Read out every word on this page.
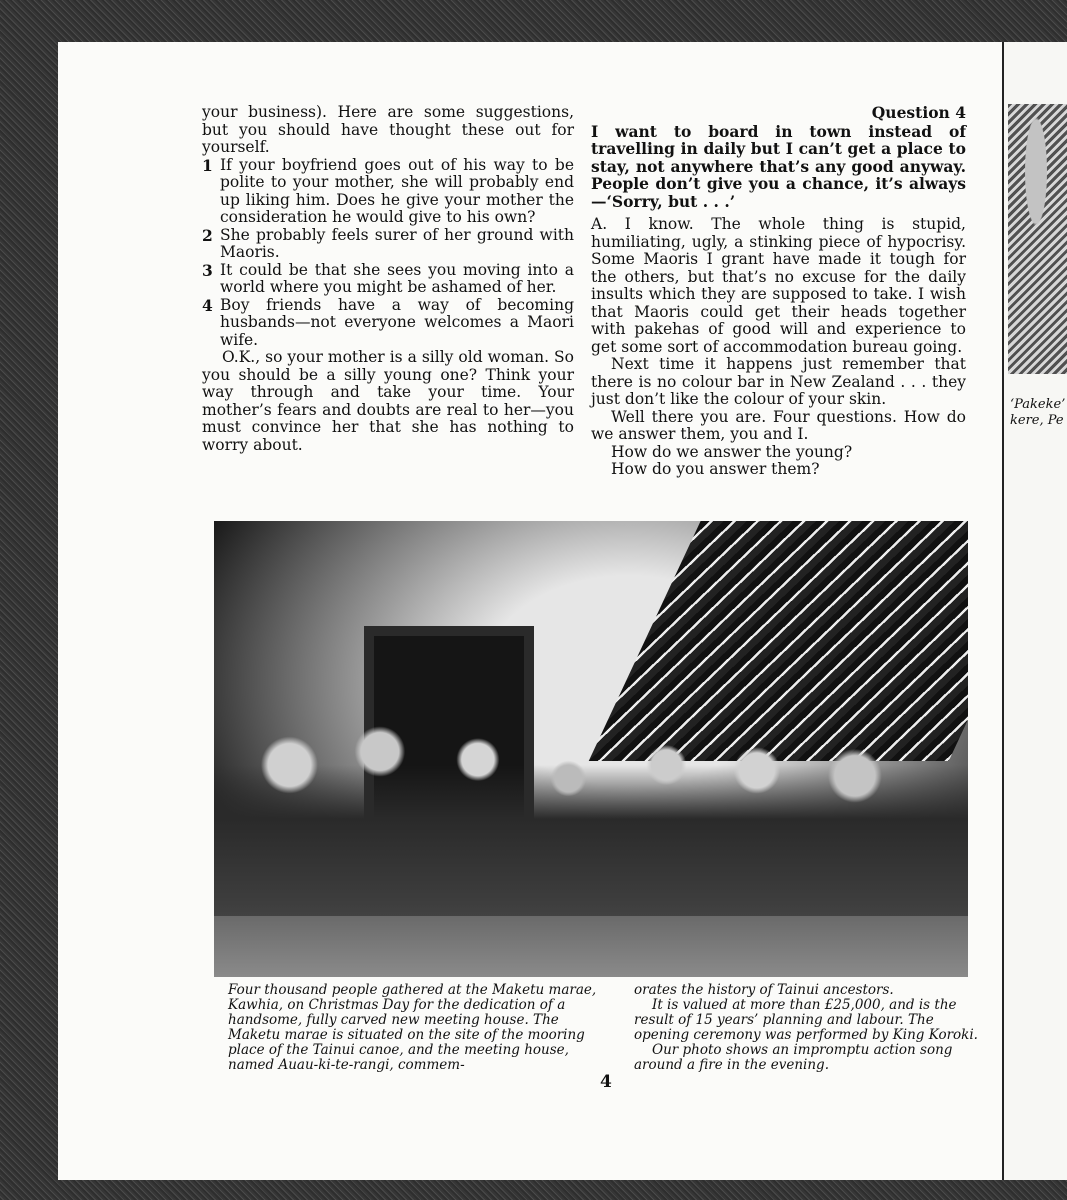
‘Pakeke’
kere, Pe

your business). Here are some suggestions, but you should have thought these out for yourself.

1 If your boyfriend goes out of his way to be polite to your mother, she will probably end up liking him. Does he give your mother the consideration he would give to his own?
2 She probably feels surer of her ground with Maoris.
3 It could be that she sees you moving into a world where you might be ashamed of her.
4 Boy friends have a way of becoming husbands—not everyone welcomes a Maori wife.

O.K., so your mother is a silly old woman. So you should be a silly young one? Think your way through and take your time. Your mother’s fears and doubts are real to her—you must convince her that she has nothing to worry about.

Question 4

I want to board in town instead of travelling in daily but I can’t get a place to stay, not anywhere that’s any good anyway. People don’t give you a chance, it’s always—‘Sorry, but . . .’

A. I know. The whole thing is stupid, humiliating, ugly, a stinking piece of hypocrisy. Some Maoris I grant have made it tough for the others, but that’s no excuse for the daily insults which they are supposed to take. I wish that Maoris could get their heads together with pakehas of good will and experience to get some sort of accommodation bureau going.

Next time it happens just remember that there is no colour bar in New Zealand . . . they just don’t like the colour of your skin.

Well there you are. Four questions. How do we answer them, you and I.

How do we answer the young?

How do you answer them?

Four thousand people gathered at the Maketu marae, Kawhia, on Christmas Day for the dedication of a handsome, fully carved new meeting house. The Maketu marae is situated on the site of the mooring place of the Tainui canoe, and the meeting house, named Auau-ki-te-rangi, commem-
orates the history of Tainui ancestors.
It is valued at more than £25,000, and is the result of 15 years’ planning and labour. The opening ceremony was performed by King Koroki.
Our photo shows an impromptu action song around a fire in the evening.
4
